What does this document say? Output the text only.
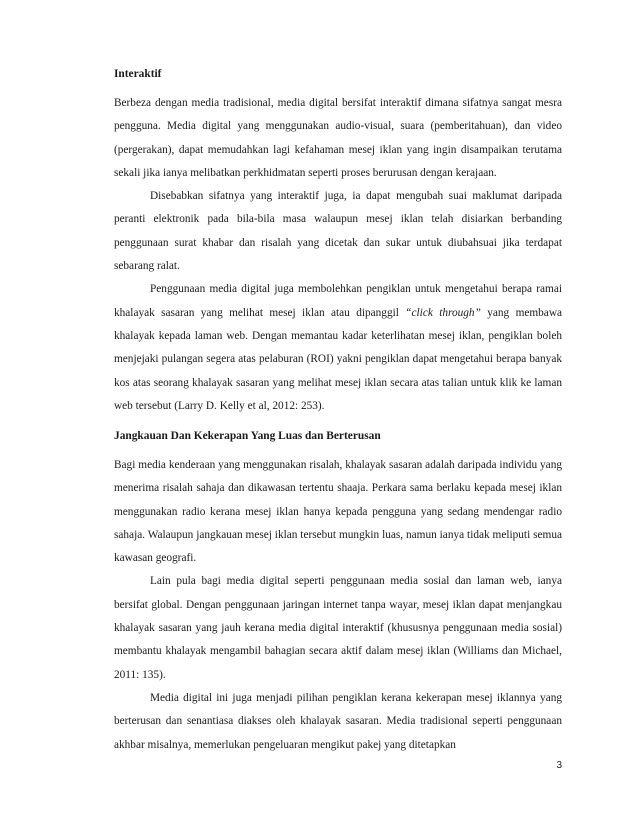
Interaktif

Berbeza dengan media tradisional, media digital bersifat interaktif dimana sifatnya sangat mesra pengguna. Media digital yang menggunakan audio-visual, suara (pemberitahuan), dan video (pergerakan), dapat memudahkan lagi kefahaman mesej iklan yang ingin disampaikan terutama sekali jika ianya melibatkan perkhidmatan seperti proses berurusan dengan kerajaan.

Disebabkan sifatnya yang interaktif juga, ia dapat mengubah suai maklumat daripada peranti elektronik pada bila-bila masa walaupun mesej iklan telah disiarkan berbanding penggunaan surat khabar dan risalah yang dicetak dan sukar untuk diubahsuai jika terdapat sebarang ralat.

Penggunaan media digital juga membolehkan pengiklan untuk mengetahui berapa ramai khalayak sasaran yang melihat mesej iklan atau dipanggil “click through” yang membawa khalayak kepada laman web. Dengan memantau kadar keterlihatan mesej iklan, pengiklan boleh menjejaki pulangan segera atas pelaburan (ROI) yakni pengiklan dapat mengetahui berapa banyak kos atas seorang khalayak sasaran yang melihat mesej iklan secara atas talian untuk klik ke laman web tersebut (Larry D. Kelly et al, 2012: 253).

Jangkauan Dan Kekerapan Yang Luas dan Berterusan

Bagi media kenderaan yang menggunakan risalah, khalayak sasaran adalah daripada individu yang menerima risalah sahaja dan dikawasan tertentu shaaja. Perkara sama berlaku kepada mesej iklan menggunakan radio kerana mesej iklan hanya kepada pengguna yang sedang mendengar radio sahaja. Walaupun jangkauan mesej iklan tersebut mungkin luas, namun ianya tidak meliputi semua kawasan geografi.

Lain pula bagi media digital seperti penggunaan media sosial dan laman web, ianya bersifat global. Dengan penggunaan jaringan internet tanpa wayar, mesej iklan dapat menjangkau khalayak sasaran yang jauh kerana media digital interaktif (khususnya penggunaan media sosial) membantu khalayak mengambil bahagian secara aktif dalam mesej iklan (Williams dan Michael, 2011: 135).

Media digital ini juga menjadi pilihan pengiklan kerana kekerapan mesej iklannya yang berterusan dan senantiasa diakses oleh khalayak sasaran. Media tradisional seperti penggunaan akhbar misalnya, memerlukan pengeluaran mengikut pakej yang ditetapkan

3
